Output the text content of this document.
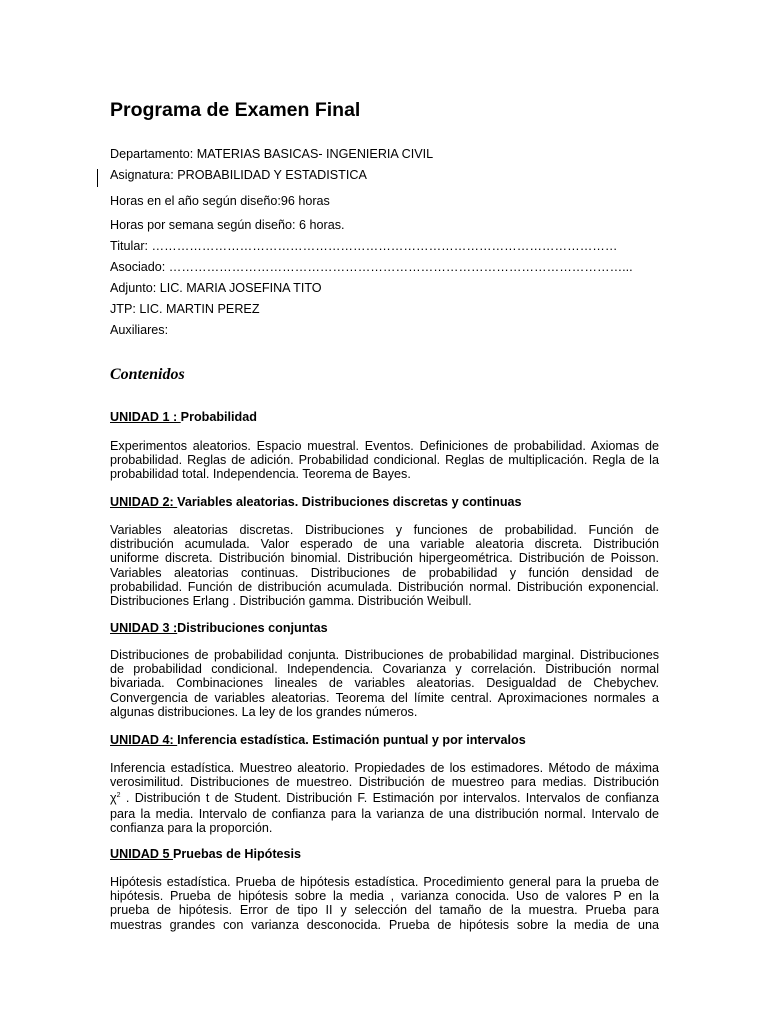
Programa de Examen Final

Departamento: MATERIAS BASICAS- INGENIERIA CIVIL

Asignatura: PROBABILIDAD Y ESTADISTICA

Horas en el año según diseño:96 horas

Horas por semana según diseño: 6 horas.

Titular: …………………………………………………………………………………………………

Asociado: ………………………………………………………………………………………………...

Adjunto: LIC. MARIA JOSEFINA TITO

JTP: LIC. MARTIN PEREZ

Auxiliares:

Contenidos

UNIDAD 1 : Probabilidad

Experimentos aleatorios. Espacio muestral. Eventos. Definiciones de probabilidad. Axiomas de
probabilidad. Reglas de adición. Probabilidad condicional. Reglas de multiplicación. Regla de la
probabilidad total. Independencia. Teorema de Bayes.

UNIDAD 2: Variables aleatorias. Distribuciones discretas y continuas

Variables aleatorias discretas. Distribuciones y funciones de probabilidad. Función de
distribución acumulada. Valor esperado de una variable aleatoria discreta. Distribución
uniforme discreta. Distribución binomial. Distribución hipergeométrica. Distribución de Poisson.
Variables aleatorias continuas. Distribuciones de probabilidad y función densidad de
probabilidad. Función de distribución acumulada. Distribución normal. Distribución exponencial.
Distribuciones Erlang . Distribución gamma. Distribución Weibull.

UNIDAD 3 :Distribuciones conjuntas

Distribuciones de probabilidad conjunta. Distribuciones de probabilidad marginal. Distribuciones
de probabilidad condicional. Independencia. Covarianza y correlación. Distribución normal
bivariada. Combinaciones lineales de variables aleatorias. Desigualdad de Chebychev.
Convergencia de variables aleatorias. Teorema del límite central. Aproximaciones normales a
algunas distribuciones. La ley de los grandes números.

UNIDAD 4: Inferencia estadística. Estimación puntual y por intervalos

Inferencia estadística. Muestreo aleatorio. Propiedades de los estimadores. Método de máxima
verosimilitud. Distribuciones de muestreo. Distribución de muestreo para medias. Distribución
$\chi^2$ . Distribución t de Student. Distribución F. Estimación por intervalos. Intervalos de confianza
para la media. Intervalo de confianza para la varianza de una distribución normal. Intervalo de
confianza para la proporción.

UNIDAD 5 Pruebas de Hipótesis

Hipótesis estadística. Prueba de hipótesis estadística. Procedimiento general para la prueba de
hipótesis. Prueba de hipótesis sobre la media , varianza conocida. Uso de valores P en la
prueba de hipótesis. Error de tipo II y selección del tamaño de la muestra. Prueba para
muestras grandes con varianza desconocida. Prueba de hipótesis sobre la media de una
